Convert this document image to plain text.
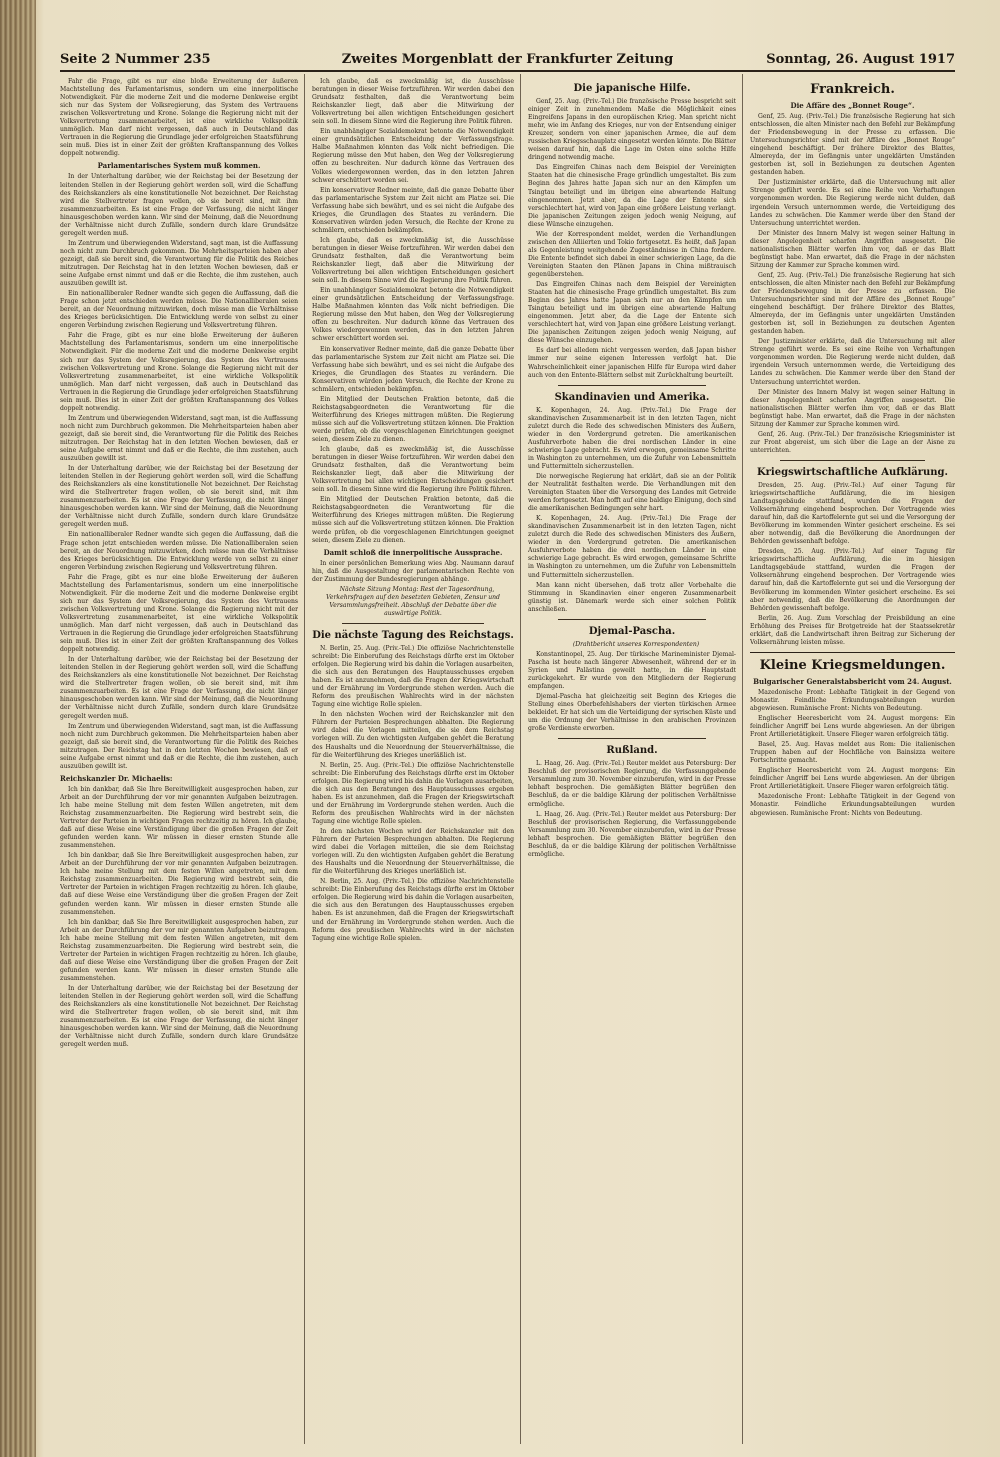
Seite 2 Nummer 235	Zweites Morgenblatt der Frankfurter Zeitung	Sonntag, 26. August 1917

Fahr die Frage, gibt es nur eine bloße Erweiterung der äußeren Machtstellung des Parlamentarismus, sondern um eine innerpolitische Notwendigkeit. Für die moderne Zeit und die moderne Denkweise ergibt sich nur das System der Volksregierung, das System des Vertrauens zwischen Volksvertretung und Krone. Solange die Regierung nicht mit der Volksvertretung zusammenarbeitet, ist eine wirkliche Volkspolitik unmöglich. Man darf nicht vergessen, daß auch in Deutschland das Vertrauen in die Regierung die Grundlage jeder erfolgreichen Staatsführung sein muß. Dies ist in einer Zeit der größten Kraftanspannung des Volkes doppelt notwendig.

Parlamentarisches System muß kommen.

In der Unterhaltung darüber, wie der Reichstag bei der Besetzung der leitenden Stellen in der Regierung gehört werden soll, wird die Schaffung des Reichskanzlers als eine konstitutionelle Not bezeichnet. Der Reichstag wird die Stellvertreter fragen wollen, ob sie bereit sind, mit ihm zusammenzuarbeiten. Es ist eine Frage der Verfassung, die nicht länger hinausgeschoben werden kann. Wir sind der Meinung, daß die Neuordnung der Verhältnisse nicht durch Zufälle, sondern durch klare Grundsätze geregelt werden muß.

Im Zentrum und überwiegenden Widerstand, sagt man, ist die Auffassung noch nicht zum Durchbruch gekommen. Die Mehrheitsparteien haben aber gezeigt, daß sie bereit sind, die Verantwortung für die Politik des Reiches mitzutragen. Der Reichstag hat in den letzten Wochen bewiesen, daß er seine Aufgabe ernst nimmt und daß er die Rechte, die ihm zustehen, auch auszuüben gewillt ist.

Ein nationalliberaler Redner wandte sich gegen die Auffassung, daß die Frage schon jetzt entschieden werden müsse. Die Nationalliberalen seien bereit, an der Neuordnung mitzuwirken, doch müsse man die Verhältnisse des Krieges berücksichtigen. Die Entwicklung werde von selbst zu einer engeren Verbindung zwischen Regierung und Volksvertretung führen.

Fahr die Frage, gibt es nur eine bloße Erweiterung der äußeren Machtstellung des Parlamentarismus, sondern um eine innerpolitische Notwendigkeit. Für die moderne Zeit und die moderne Denkweise ergibt sich nur das System der Volksregierung, das System des Vertrauens zwischen Volksvertretung und Krone. Solange die Regierung nicht mit der Volksvertretung zusammenarbeitet, ist eine wirkliche Volkspolitik unmöglich. Man darf nicht vergessen, daß auch in Deutschland das Vertrauen in die Regierung die Grundlage jeder erfolgreichen Staatsführung sein muß. Dies ist in einer Zeit der größten Kraftanspannung des Volkes doppelt notwendig.

Im Zentrum und überwiegenden Widerstand, sagt man, ist die Auffassung noch nicht zum Durchbruch gekommen. Die Mehrheitsparteien haben aber gezeigt, daß sie bereit sind, die Verantwortung für die Politik des Reiches mitzutragen. Der Reichstag hat in den letzten Wochen bewiesen, daß er seine Aufgabe ernst nimmt und daß er die Rechte, die ihm zustehen, auch auszuüben gewillt ist.

In der Unterhaltung darüber, wie der Reichstag bei der Besetzung der leitenden Stellen in der Regierung gehört werden soll, wird die Schaffung des Reichskanzlers als eine konstitutionelle Not bezeichnet. Der Reichstag wird die Stellvertreter fragen wollen, ob sie bereit sind, mit ihm zusammenzuarbeiten. Es ist eine Frage der Verfassung, die nicht länger hinausgeschoben werden kann. Wir sind der Meinung, daß die Neuordnung der Verhältnisse nicht durch Zufälle, sondern durch klare Grundsätze geregelt werden muß.

Ein nationalliberaler Redner wandte sich gegen die Auffassung, daß die Frage schon jetzt entschieden werden müsse. Die Nationalliberalen seien bereit, an der Neuordnung mitzuwirken, doch müsse man die Verhältnisse des Krieges berücksichtigen. Die Entwicklung werde von selbst zu einer engeren Verbindung zwischen Regierung und Volksvertretung führen.

Fahr die Frage, gibt es nur eine bloße Erweiterung der äußeren Machtstellung des Parlamentarismus, sondern um eine innerpolitische Notwendigkeit. Für die moderne Zeit und die moderne Denkweise ergibt sich nur das System der Volksregierung, das System des Vertrauens zwischen Volksvertretung und Krone. Solange die Regierung nicht mit der Volksvertretung zusammenarbeitet, ist eine wirkliche Volkspolitik unmöglich. Man darf nicht vergessen, daß auch in Deutschland das Vertrauen in die Regierung die Grundlage jeder erfolgreichen Staatsführung sein muß. Dies ist in einer Zeit der größten Kraftanspannung des Volkes doppelt notwendig.

In der Unterhaltung darüber, wie der Reichstag bei der Besetzung der leitenden Stellen in der Regierung gehört werden soll, wird die Schaffung des Reichskanzlers als eine konstitutionelle Not bezeichnet. Der Reichstag wird die Stellvertreter fragen wollen, ob sie bereit sind, mit ihm zusammenzuarbeiten. Es ist eine Frage der Verfassung, die nicht länger hinausgeschoben werden kann. Wir sind der Meinung, daß die Neuordnung der Verhältnisse nicht durch Zufälle, sondern durch klare Grundsätze geregelt werden muß.

Im Zentrum und überwiegenden Widerstand, sagt man, ist die Auffassung noch nicht zum Durchbruch gekommen. Die Mehrheitsparteien haben aber gezeigt, daß sie bereit sind, die Verantwortung für die Politik des Reiches mitzutragen. Der Reichstag hat in den letzten Wochen bewiesen, daß er seine Aufgabe ernst nimmt und daß er die Rechte, die ihm zustehen, auch auszuüben gewillt ist.

Reichskanzler Dr. Michaelis:

Ich bin dankbar, daß Sie Ihre Bereitwilligkeit ausgesprochen haben, zur Arbeit an der Durchführung der vor mir genannten Aufgaben beizutragen. Ich habe meine Stellung mit dem festen Willen angetreten, mit dem Reichstag zusammenzuarbeiten. Die Regierung wird bestrebt sein, die Vertreter der Parteien in wichtigen Fragen rechtzeitig zu hören. Ich glaube, daß auf diese Weise eine Verständigung über die großen Fragen der Zeit gefunden werden kann. Wir müssen in dieser ernsten Stunde alle zusammenstehen.

Ich bin dankbar, daß Sie Ihre Bereitwilligkeit ausgesprochen haben, zur Arbeit an der Durchführung der vor mir genannten Aufgaben beizutragen. Ich habe meine Stellung mit dem festen Willen angetreten, mit dem Reichstag zusammenzuarbeiten. Die Regierung wird bestrebt sein, die Vertreter der Parteien in wichtigen Fragen rechtzeitig zu hören. Ich glaube, daß auf diese Weise eine Verständigung über die großen Fragen der Zeit gefunden werden kann. Wir müssen in dieser ernsten Stunde alle zusammenstehen.

Ich bin dankbar, daß Sie Ihre Bereitwilligkeit ausgesprochen haben, zur Arbeit an der Durchführung der vor mir genannten Aufgaben beizutragen. Ich habe meine Stellung mit dem festen Willen angetreten, mit dem Reichstag zusammenzuarbeiten. Die Regierung wird bestrebt sein, die Vertreter der Parteien in wichtigen Fragen rechtzeitig zu hören. Ich glaube, daß auf diese Weise eine Verständigung über die großen Fragen der Zeit gefunden werden kann. Wir müssen in dieser ernsten Stunde alle zusammenstehen.

In der Unterhaltung darüber, wie der Reichstag bei der Besetzung der leitenden Stellen in der Regierung gehört werden soll, wird die Schaffung des Reichskanzlers als eine konstitutionelle Not bezeichnet. Der Reichstag wird die Stellvertreter fragen wollen, ob sie bereit sind, mit ihm zusammenzuarbeiten. Es ist eine Frage der Verfassung, die nicht länger hinausgeschoben werden kann. Wir sind der Meinung, daß die Neuordnung der Verhältnisse nicht durch Zufälle, sondern durch klare Grundsätze geregelt werden muß.

Ich glaube, daß es zweckmäßig ist, die Ausschüsse beratungen in dieser Weise fortzuführen. Wir werden dabei den Grundsatz festhalten, daß die Verantwortung beim Reichskanzler liegt, daß aber die Mitwirkung der Volksvertretung bei allen wichtigen Entscheidungen gesichert sein soll. In diesem Sinne wird die Regierung ihre Politik führen.

Ein unabhängiger Sozialdemokrat betonte die Notwendigkeit einer grundsätzlichen Entscheidung der Verfassungsfrage. Halbe Maßnahmen könnten das Volk nicht befriedigen. Die Regierung müsse den Mut haben, den Weg der Volksregierung offen zu beschreiten. Nur dadurch könne das Vertrauen des Volkes wiedergewonnen werden, das in den letzten Jahren schwer erschüttert worden sei.

Ein konservativer Redner meinte, daß die ganze Debatte über das parlamentarische System zur Zeit nicht am Platze sei. Die Verfassung habe sich bewährt, und es sei nicht die Aufgabe des Krieges, die Grundlagen des Staates zu verändern. Die Konservativen würden jeden Versuch, die Rechte der Krone zu schmälern, entschieden bekämpfen.

Ich glaube, daß es zweckmäßig ist, die Ausschüsse beratungen in dieser Weise fortzuführen. Wir werden dabei den Grundsatz festhalten, daß die Verantwortung beim Reichskanzler liegt, daß aber die Mitwirkung der Volksvertretung bei allen wichtigen Entscheidungen gesichert sein soll. In diesem Sinne wird die Regierung ihre Politik führen.

Ein unabhängiger Sozialdemokrat betonte die Notwendigkeit einer grundsätzlichen Entscheidung der Verfassungsfrage. Halbe Maßnahmen könnten das Volk nicht befriedigen. Die Regierung müsse den Mut haben, den Weg der Volksregierung offen zu beschreiten. Nur dadurch könne das Vertrauen des Volkes wiedergewonnen werden, das in den letzten Jahren schwer erschüttert worden sei.

Ein konservativer Redner meinte, daß die ganze Debatte über das parlamentarische System zur Zeit nicht am Platze sei. Die Verfassung habe sich bewährt, und es sei nicht die Aufgabe des Krieges, die Grundlagen des Staates zu verändern. Die Konservativen würden jeden Versuch, die Rechte der Krone zu schmälern, entschieden bekämpfen.

Ein Mitglied der Deutschen Fraktion betonte, daß die Reichstagsabgeordneten die Verantwortung für die Weiterführung des Krieges mittragen müßten. Die Regierung müsse sich auf die Volksvertretung stützen können. Die Fraktion werde prüfen, ob die vorgeschlagenen Einrichtungen geeignet seien, diesem Ziele zu dienen.

Ich glaube, daß es zweckmäßig ist, die Ausschüsse beratungen in dieser Weise fortzuführen. Wir werden dabei den Grundsatz festhalten, daß die Verantwortung beim Reichskanzler liegt, daß aber die Mitwirkung der Volksvertretung bei allen wichtigen Entscheidungen gesichert sein soll. In diesem Sinne wird die Regierung ihre Politik führen.

Ein Mitglied der Deutschen Fraktion betonte, daß die Reichstagsabgeordneten die Verantwortung für die Weiterführung des Krieges mittragen müßten. Die Regierung müsse sich auf die Volksvertretung stützen können. Die Fraktion werde prüfen, ob die vorgeschlagenen Einrichtungen geeignet seien, diesem Ziele zu dienen.

Damit schloß die innerpolitische Aussprache.

In einer persönlichen Bemerkung wies Abg. Naumann darauf hin, daß die Ausgestaltung der parlamentarischen Rechte von der Zustimmung der Bundesregierungen abhänge.

Nächste Sitzung Montag: Rest der Tagesordnung, Verkehrsfragen auf den besetzten Gebieten, Zensur und Versammlungsfreiheit. Abschluß der Debatte über die auswärtige Politik.

Die nächste Tagung des Reichstags.

N. Berlin, 25. Aug. (Priv.-Tel.) Die offiziöse Nachrichtenstelle schreibt: Die Einberufung des Reichstags dürfte erst im Oktober erfolgen. Die Regierung wird bis dahin die Vorlagen ausarbeiten, die sich aus den Beratungen des Hauptausschusses ergeben haben. Es ist anzunehmen, daß die Fragen der Kriegswirtschaft und der Ernährung im Vordergrunde stehen werden. Auch die Reform des preußischen Wahlrechts wird in der nächsten Tagung eine wichtige Rolle spielen.

In den nächsten Wochen wird der Reichskanzler mit den Führern der Parteien Besprechungen abhalten. Die Regierung wird dabei die Vorlagen mitteilen, die sie dem Reichstag vorlegen will. Zu den wichtigsten Aufgaben gehört die Beratung des Haushalts und die Neuordnung der Steuerverhältnisse, die für die Weiterführung des Krieges unerläßlich ist.

N. Berlin, 25. Aug. (Priv.-Tel.) Die offiziöse Nachrichtenstelle schreibt: Die Einberufung des Reichstags dürfte erst im Oktober erfolgen. Die Regierung wird bis dahin die Vorlagen ausarbeiten, die sich aus den Beratungen des Hauptausschusses ergeben haben. Es ist anzunehmen, daß die Fragen der Kriegswirtschaft und der Ernährung im Vordergrunde stehen werden. Auch die Reform des preußischen Wahlrechts wird in der nächsten Tagung eine wichtige Rolle spielen.

In den nächsten Wochen wird der Reichskanzler mit den Führern der Parteien Besprechungen abhalten. Die Regierung wird dabei die Vorlagen mitteilen, die sie dem Reichstag vorlegen will. Zu den wichtigsten Aufgaben gehört die Beratung des Haushalts und die Neuordnung der Steuerverhältnisse, die für die Weiterführung des Krieges unerläßlich ist.

N. Berlin, 25. Aug. (Priv.-Tel.) Die offiziöse Nachrichtenstelle schreibt: Die Einberufung des Reichstags dürfte erst im Oktober erfolgen. Die Regierung wird bis dahin die Vorlagen ausarbeiten, die sich aus den Beratungen des Hauptausschusses ergeben haben. Es ist anzunehmen, daß die Fragen der Kriegswirtschaft und der Ernährung im Vordergrunde stehen werden. Auch die Reform des preußischen Wahlrechts wird in der nächsten Tagung eine wichtige Rolle spielen.

Die japanische Hilfe.

Genf, 25. Aug. (Priv.-Tel.) Die französische Presse bespricht seit einiger Zeit in zunehmendem Maße die Möglichkeit eines Eingreifens Japans in den europäischen Krieg. Man spricht nicht mehr, wie im Anfang des Krieges, nur von der Entsendung einiger Kreuzer, sondern von einer japanischen Armee, die auf dem russischen Kriegsschauplatz eingesetzt werden könnte. Die Blätter weisen darauf hin, daß die Lage im Osten eine solche Hilfe dringend notwendig mache.

Das Eingreifen Chinas nach dem Beispiel der Vereinigten Staaten hat die chinesische Frage gründlich umgestaltet. Bis zum Beginn des Jahres hatte Japan sich nur an den Kämpfen um Tsingtau beteiligt und im übrigen eine abwartende Haltung eingenommen. Jetzt aber, da die Lage der Entente sich verschlechtert hat, wird von Japan eine größere Leistung verlangt. Die japanischen Zeitungen zeigen jedoch wenig Neigung, auf diese Wünsche einzugehen.

Wie der Korrespondent meldet, werden die Verhandlungen zwischen den Alliierten und Tokio fortgesetzt. Es heißt, daß Japan als Gegenleistung weitgehende Zugeständnisse in China fordere. Die Entente befindet sich dabei in einer schwierigen Lage, da die Vereinigten Staaten den Plänen Japans in China mißtrauisch gegenüberstehen.

Das Eingreifen Chinas nach dem Beispiel der Vereinigten Staaten hat die chinesische Frage gründlich umgestaltet. Bis zum Beginn des Jahres hatte Japan sich nur an den Kämpfen um Tsingtau beteiligt und im übrigen eine abwartende Haltung eingenommen. Jetzt aber, da die Lage der Entente sich verschlechtert hat, wird von Japan eine größere Leistung verlangt. Die japanischen Zeitungen zeigen jedoch wenig Neigung, auf diese Wünsche einzugehen.

Es darf bei alledem nicht vergessen werden, daß Japan bisher immer nur seine eigenen Interessen verfolgt hat. Die Wahrscheinlichkeit einer japanischen Hilfe für Europa wird daher auch von den Entente-Blättern selbst mit Zurückhaltung beurteilt.

Skandinavien und Amerika.

K. Kopenhagen, 24. Aug. (Priv.-Tel.) Die Frage der skandinavischen Zusammenarbeit ist in den letzten Tagen, nicht zuletzt durch die Rede des schwedischen Ministers des Äußern, wieder in den Vordergrund getreten. Die amerikanischen Ausfuhrverbote haben die drei nordischen Länder in eine schwierige Lage gebracht. Es wird erwogen, gemeinsame Schritte in Washington zu unternehmen, um die Zufuhr von Lebensmitteln und Futtermitteln sicherzustellen.

Die norwegische Regierung hat erklärt, daß sie an der Politik der Neutralität festhalten werde. Die Verhandlungen mit den Vereinigten Staaten über die Versorgung des Landes mit Getreide werden fortgesetzt. Man hofft auf eine baldige Einigung, doch sind die amerikanischen Bedingungen sehr hart.

K. Kopenhagen, 24. Aug. (Priv.-Tel.) Die Frage der skandinavischen Zusammenarbeit ist in den letzten Tagen, nicht zuletzt durch die Rede des schwedischen Ministers des Äußern, wieder in den Vordergrund getreten. Die amerikanischen Ausfuhrverbote haben die drei nordischen Länder in eine schwierige Lage gebracht. Es wird erwogen, gemeinsame Schritte in Washington zu unternehmen, um die Zufuhr von Lebensmitteln und Futtermitteln sicherzustellen.

Man kann nicht übersehen, daß trotz aller Vorbehalte die Stimmung in Skandinavien einer engeren Zusammenarbeit günstig ist. Dänemark werde sich einer solchen Politik anschließen.

Djemal-Pascha.

(Drahtbericht unseres Korrespondenten)

Konstantinopel, 25. Aug. Der türkische Marineminister Djemal-Pascha ist heute nach längerer Abwesenheit, während der er in Syrien und Palästina geweilt hatte, in die Hauptstadt zurückgekehrt. Er wurde von den Mitgliedern der Regierung empfangen.

Djemal-Pascha hat gleichzeitig seit Beginn des Krieges die Stellung eines Oberbefehlshabers der vierten türkischen Armee bekleidet. Er hat sich um die Verteidigung der syrischen Küste und um die Ordnung der Verhältnisse in den arabischen Provinzen große Verdienste erworben.

Rußland.

L. Haag, 26. Aug. (Priv.-Tel.) Reuter meldet aus Petersburg: Der Beschluß der provisorischen Regierung, die Verfassunggebende Versammlung zum 30. November einzuberufen, wird in der Presse lebhaft besprochen. Die gemäßigten Blätter begrüßen den Beschluß, da er die baldige Klärung der politischen Verhältnisse ermögliche.

L. Haag, 26. Aug. (Priv.-Tel.) Reuter meldet aus Petersburg: Der Beschluß der provisorischen Regierung, die Verfassunggebende Versammlung zum 30. November einzuberufen, wird in der Presse lebhaft besprochen. Die gemäßigten Blätter begrüßen den Beschluß, da er die baldige Klärung der politischen Verhältnisse ermögliche.

Frankreich.
Die Affäre des „Bonnet Rouge“.

Genf, 25. Aug. (Priv.-Tel.) Die französische Regierung hat sich entschlossen, die alten Minister nach den Befehl zur Bekämpfung der Friedensbewegung in der Presse zu erfassen. Die Untersuchungsrichter sind mit der Affäre des „Bonnet Rouge“ eingehend beschäftigt. Der frühere Direktor des Blattes, Almereyda, der im Gefängnis unter ungeklärten Umständen gestorben ist, soll in Beziehungen zu deutschen Agenten gestanden haben.

Der Justizminister erklärte, daß die Untersuchung mit aller Strenge geführt werde. Es sei eine Reihe von Verhaftungen vorgenommen worden. Die Regierung werde nicht dulden, daß irgendein Versuch unternommen werde, die Verteidigung des Landes zu schwächen. Die Kammer werde über den Stand der Untersuchung unterrichtet werden.

Der Minister des Innern Malvy ist wegen seiner Haltung in dieser Angelegenheit scharfen Angriffen ausgesetzt. Die nationalistischen Blätter werfen ihm vor, daß er das Blatt begünstigt habe. Man erwartet, daß die Frage in der nächsten Sitzung der Kammer zur Sprache kommen wird.

Genf, 25. Aug. (Priv.-Tel.) Die französische Regierung hat sich entschlossen, die alten Minister nach den Befehl zur Bekämpfung der Friedensbewegung in der Presse zu erfassen. Die Untersuchungsrichter sind mit der Affäre des „Bonnet Rouge“ eingehend beschäftigt. Der frühere Direktor des Blattes, Almereyda, der im Gefängnis unter ungeklärten Umständen gestorben ist, soll in Beziehungen zu deutschen Agenten gestanden haben.

Der Justizminister erklärte, daß die Untersuchung mit aller Strenge geführt werde. Es sei eine Reihe von Verhaftungen vorgenommen worden. Die Regierung werde nicht dulden, daß irgendein Versuch unternommen werde, die Verteidigung des Landes zu schwächen. Die Kammer werde über den Stand der Untersuchung unterrichtet werden.

Der Minister des Innern Malvy ist wegen seiner Haltung in dieser Angelegenheit scharfen Angriffen ausgesetzt. Die nationalistischen Blätter werfen ihm vor, daß er das Blatt begünstigt habe. Man erwartet, daß die Frage in der nächsten Sitzung der Kammer zur Sprache kommen wird.

Genf, 26. Aug. (Priv.-Tel.) Der französische Kriegsminister ist zur Front abgereist, um sich über die Lage an der Aisne zu unterrichten.

Kriegswirtschaftliche Aufklärung.

Dresden, 25. Aug. (Priv.-Tel.) Auf einer Tagung für kriegswirtschaftliche Aufklärung, die im hiesigen Landtagsgebäude stattfand, wurden die Fragen der Volksernährung eingehend besprochen. Der Vortragende wies darauf hin, daß die Kartoffelernte gut sei und die Versorgung der Bevölkerung im kommenden Winter gesichert erscheine. Es sei aber notwendig, daß die Bevölkerung die Anordnungen der Behörden gewissenhaft befolge.

Dresden, 25. Aug. (Priv.-Tel.) Auf einer Tagung für kriegswirtschaftliche Aufklärung, die im hiesigen Landtagsgebäude stattfand, wurden die Fragen der Volksernährung eingehend besprochen. Der Vortragende wies darauf hin, daß die Kartoffelernte gut sei und die Versorgung der Bevölkerung im kommenden Winter gesichert erscheine. Es sei aber notwendig, daß die Bevölkerung die Anordnungen der Behörden gewissenhaft befolge.

Berlin, 26. Aug. Zum Vorschlag der Preisbildung an eine Erhöhung des Preises für Brotgetreide hat der Staatssekretär erklärt, daß die Landwirtschaft ihren Beitrag zur Sicherung der Volksernährung leisten müsse.

Kleine Kriegsmeldungen.
Bulgarischer Generalstabsbericht vom 24. August.

Mazedonische Front: Lebhafte Tätigkeit in der Gegend von Monastir. Feindliche Erkundungsabteilungen wurden abgewiesen. Rumänische Front: Nichts von Bedeutung.

Englischer Heeresbericht vom 24. August morgens: Ein feindlicher Angriff bei Lens wurde abgewiesen. An der übrigen Front Artillerietätigkeit. Unsere Flieger waren erfolgreich tätig.

Basel, 25. Aug. Havas meldet aus Rom: Die italienischen Truppen haben auf der Hochfläche von Bainsizza weitere Fortschritte gemacht.

Englischer Heeresbericht vom 24. August morgens: Ein feindlicher Angriff bei Lens wurde abgewiesen. An der übrigen Front Artillerietätigkeit. Unsere Flieger waren erfolgreich tätig.

Mazedonische Front: Lebhafte Tätigkeit in der Gegend von Monastir. Feindliche Erkundungsabteilungen wurden abgewiesen. Rumänische Front: Nichts von Bedeutung.
